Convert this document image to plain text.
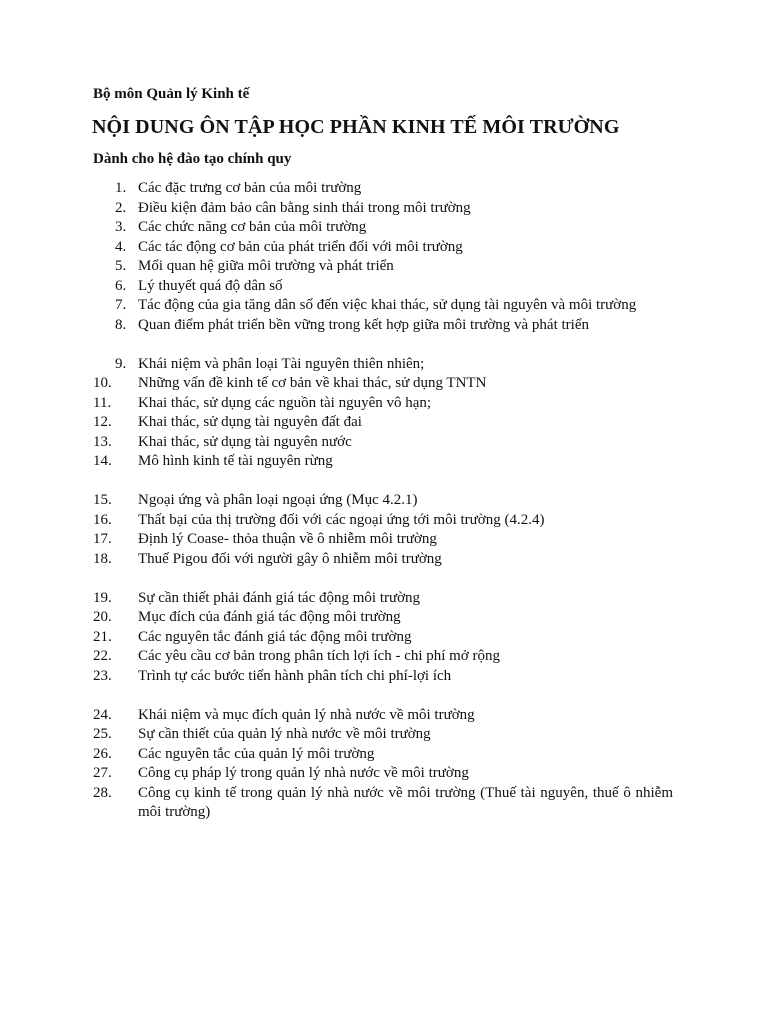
Bộ môn Quản lý Kinh tế
NỘI DUNG ÔN TẬP HỌC PHẦN KINH TẾ MÔI TRƯỜNG
Dành cho hệ đào tạo chính quy
1. Các đặc trưng cơ bản của môi trường
2. Điều kiện đảm bảo cân bằng sinh thái trong môi trường
3. Các chức năng cơ bản của môi trường
4. Các tác động cơ bản của phát triển đối với môi trường
5. Mối quan hệ giữa môi trường và phát triển
6. Lý thuyết quá độ dân số
7. Tác động của gia tăng dân số đến việc khai thác, sử dụng tài nguyên và môi trường
8. Quan điểm phát triển bền vững trong kết hợp giữa môi trường và phát triển
9. Khái niệm và phân loại Tài nguyên thiên nhiên;
10.	Những vấn đề kinh tế cơ bản về khai thác, sử dụng TNTN
11.	Khai thác, sử dụng các nguồn tài nguyên vô hạn;
12.	Khai thác, sử dụng tài nguyên đất đai
13.	Khai thác, sử dụng tài nguyên nước
14.	Mô hình kinh tế tài nguyên rừng
15.	Ngoại ứng và phân loại ngoại ứng (Mục 4.2.1)
16.	Thất bại của thị trường đối với các ngoại ứng tới môi trường (4.2.4)
17.	Định lý Coase- thỏa thuận về ô nhiễm môi trường
18.	Thuế Pigou đối với người gây ô nhiễm môi trường
19.	Sự cần thiết phải đánh giá tác động môi trường
20.	Mục đích của đánh giá tác động môi trường
21.	Các nguyên tắc đánh giá tác động môi trường
22.	Các yêu cầu cơ bản trong phân tích lợi ích - chi phí mở rộng
23.	Trình tự các bước tiến hành phân tích chi phí-lợi ích
24.	Khái niệm và mục đích quản lý nhà nước về môi trường
25.	Sự cần thiết của quản lý nhà nước về môi trường
26.	Các nguyên tắc của quản lý môi trường
27.	Công cụ pháp lý trong quản lý nhà nước về môi trường
28.	Công cụ kinh tế trong quản lý nhà nước về môi trường (Thuế tài nguyên, thuế ô nhiễm môi trường)
